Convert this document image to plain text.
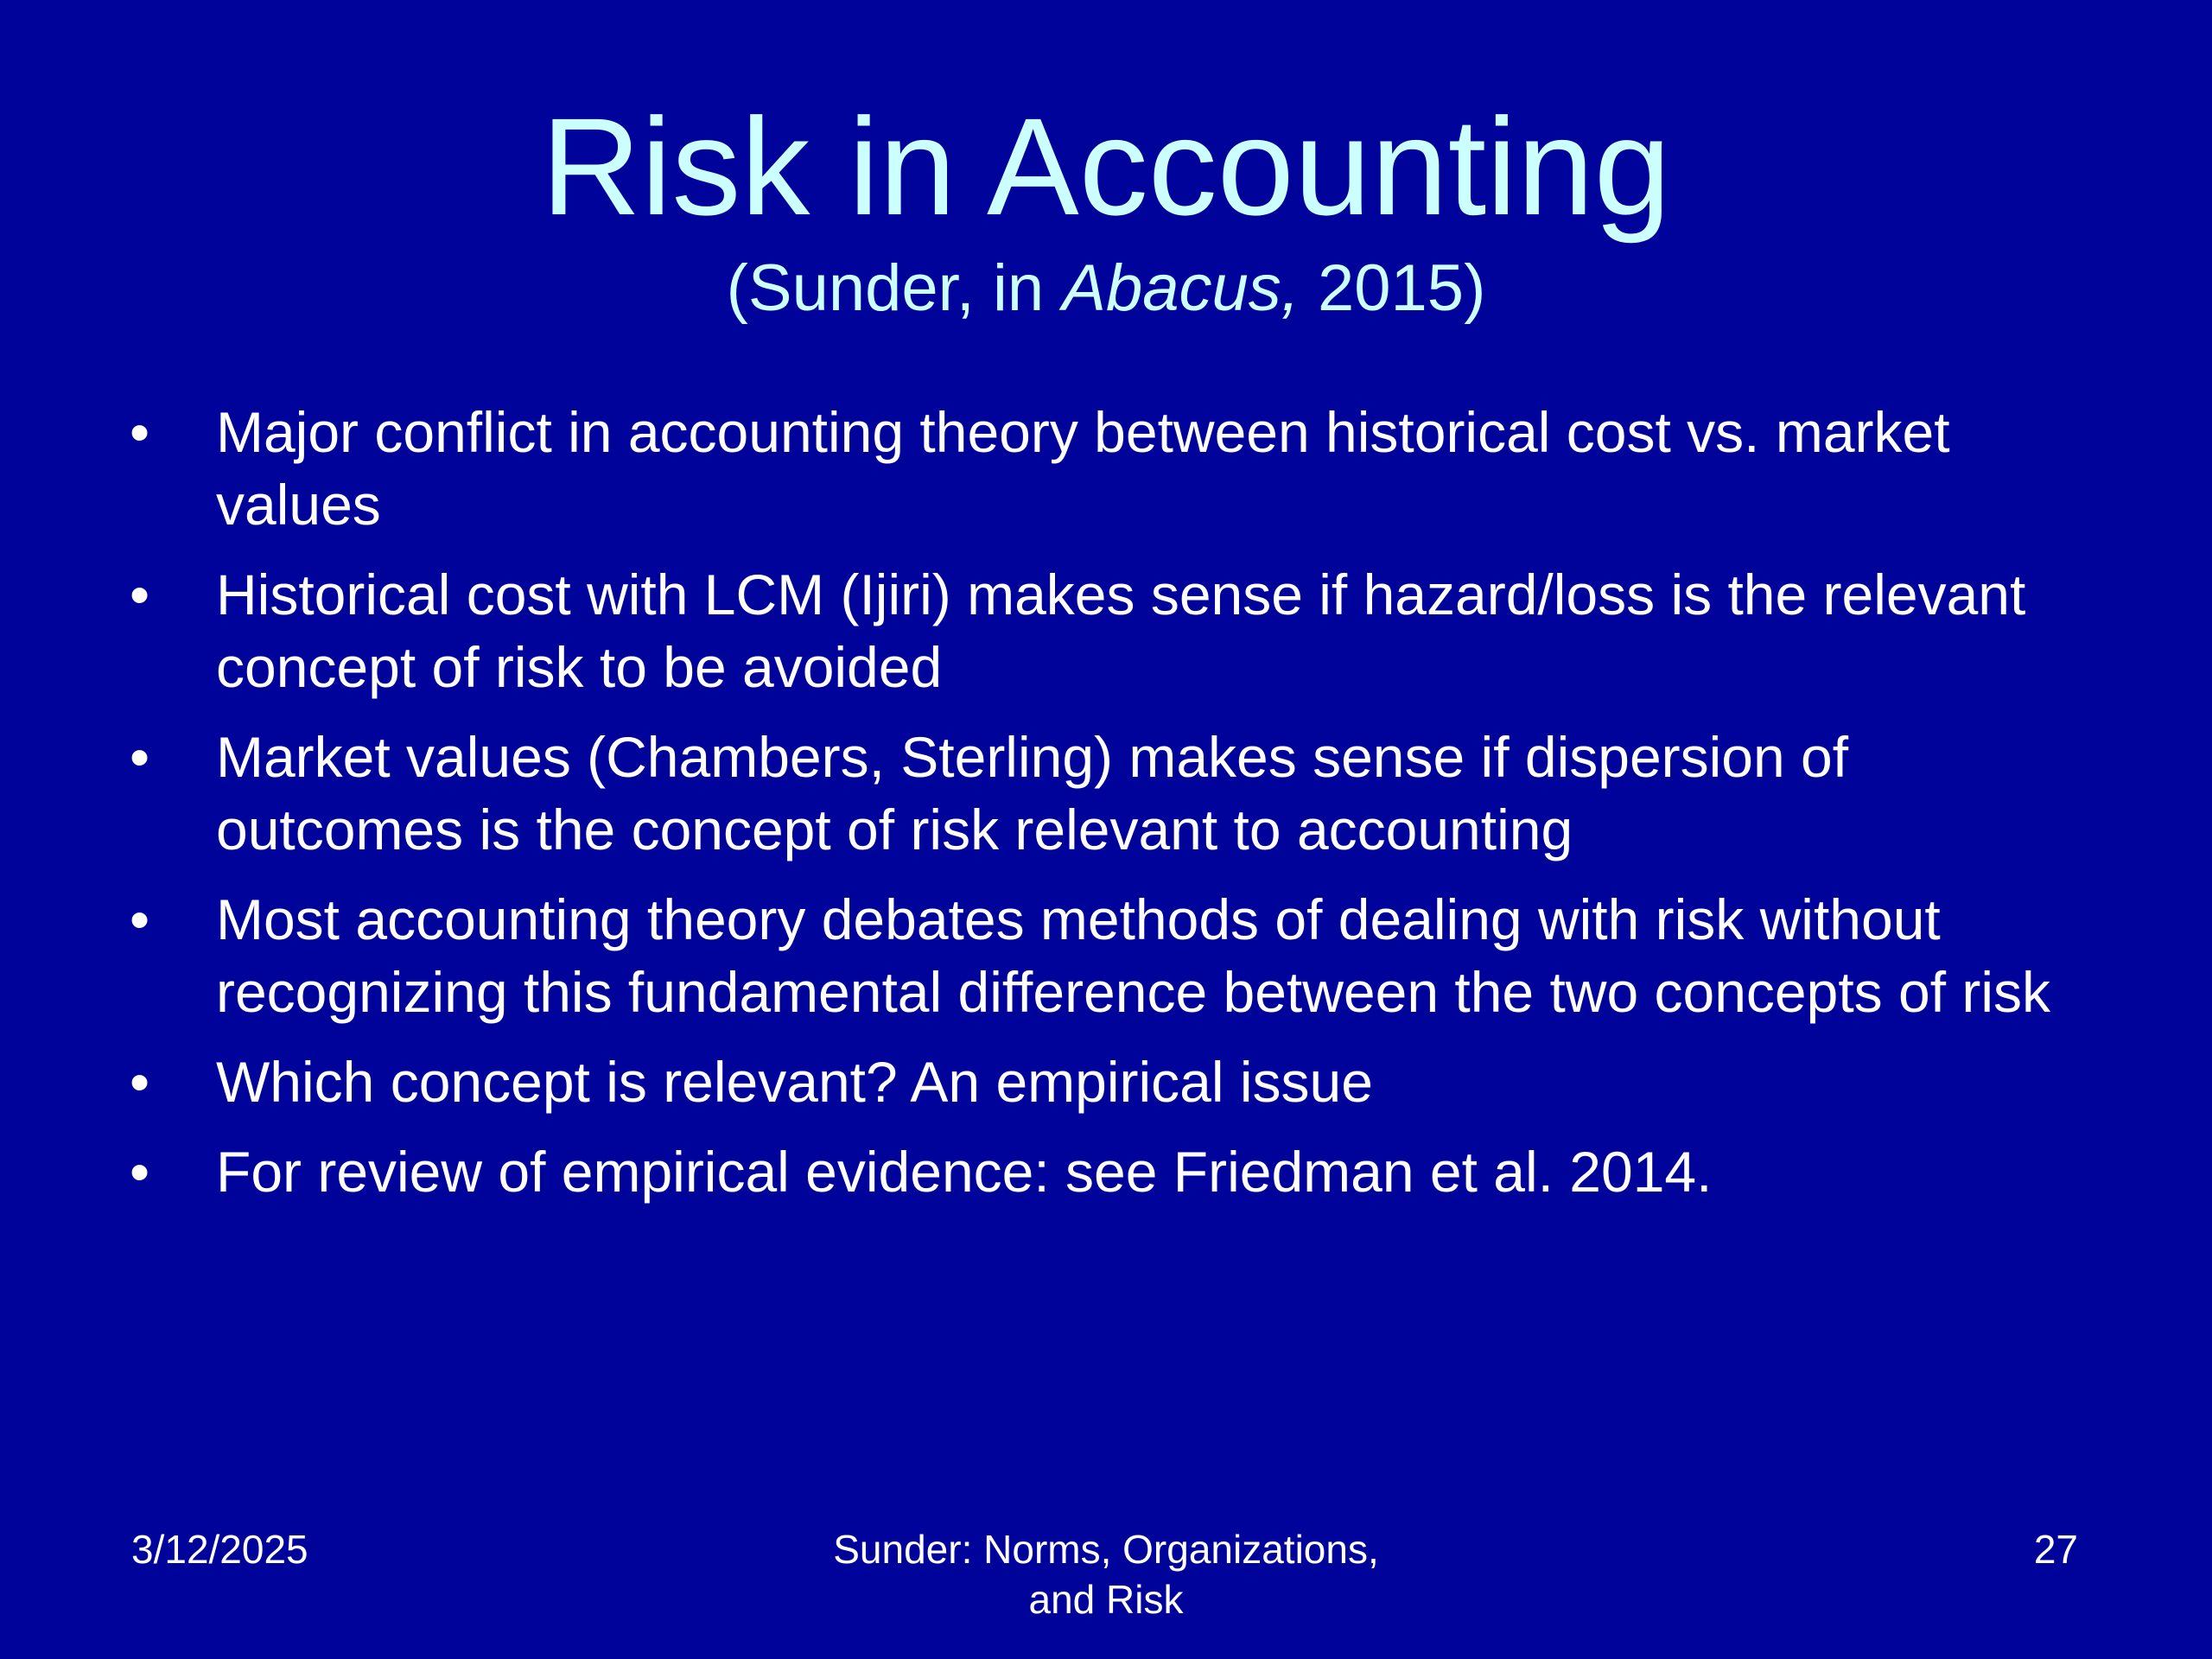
Risk in Accounting
(Sunder, in Abacus, 2015)
•	Major conflict in accounting theory between historical cost vs. market values
•	Historical cost with LCM (Ijiri) makes sense if hazard/loss is the relevant concept of risk to be avoided
•	Market values (Chambers, Sterling) makes sense if dispersion of outcomes is the concept of risk relevant to accounting
•	Most accounting theory debates methods of dealing with risk without recognizing this fundamental difference between the two concepts of risk
•	Which concept is relevant? An empirical issue
•	For review of empirical evidence: see Friedman et al. 2014.
3/12/2025	Sunder: Norms, Organizations,
and Risk
27
